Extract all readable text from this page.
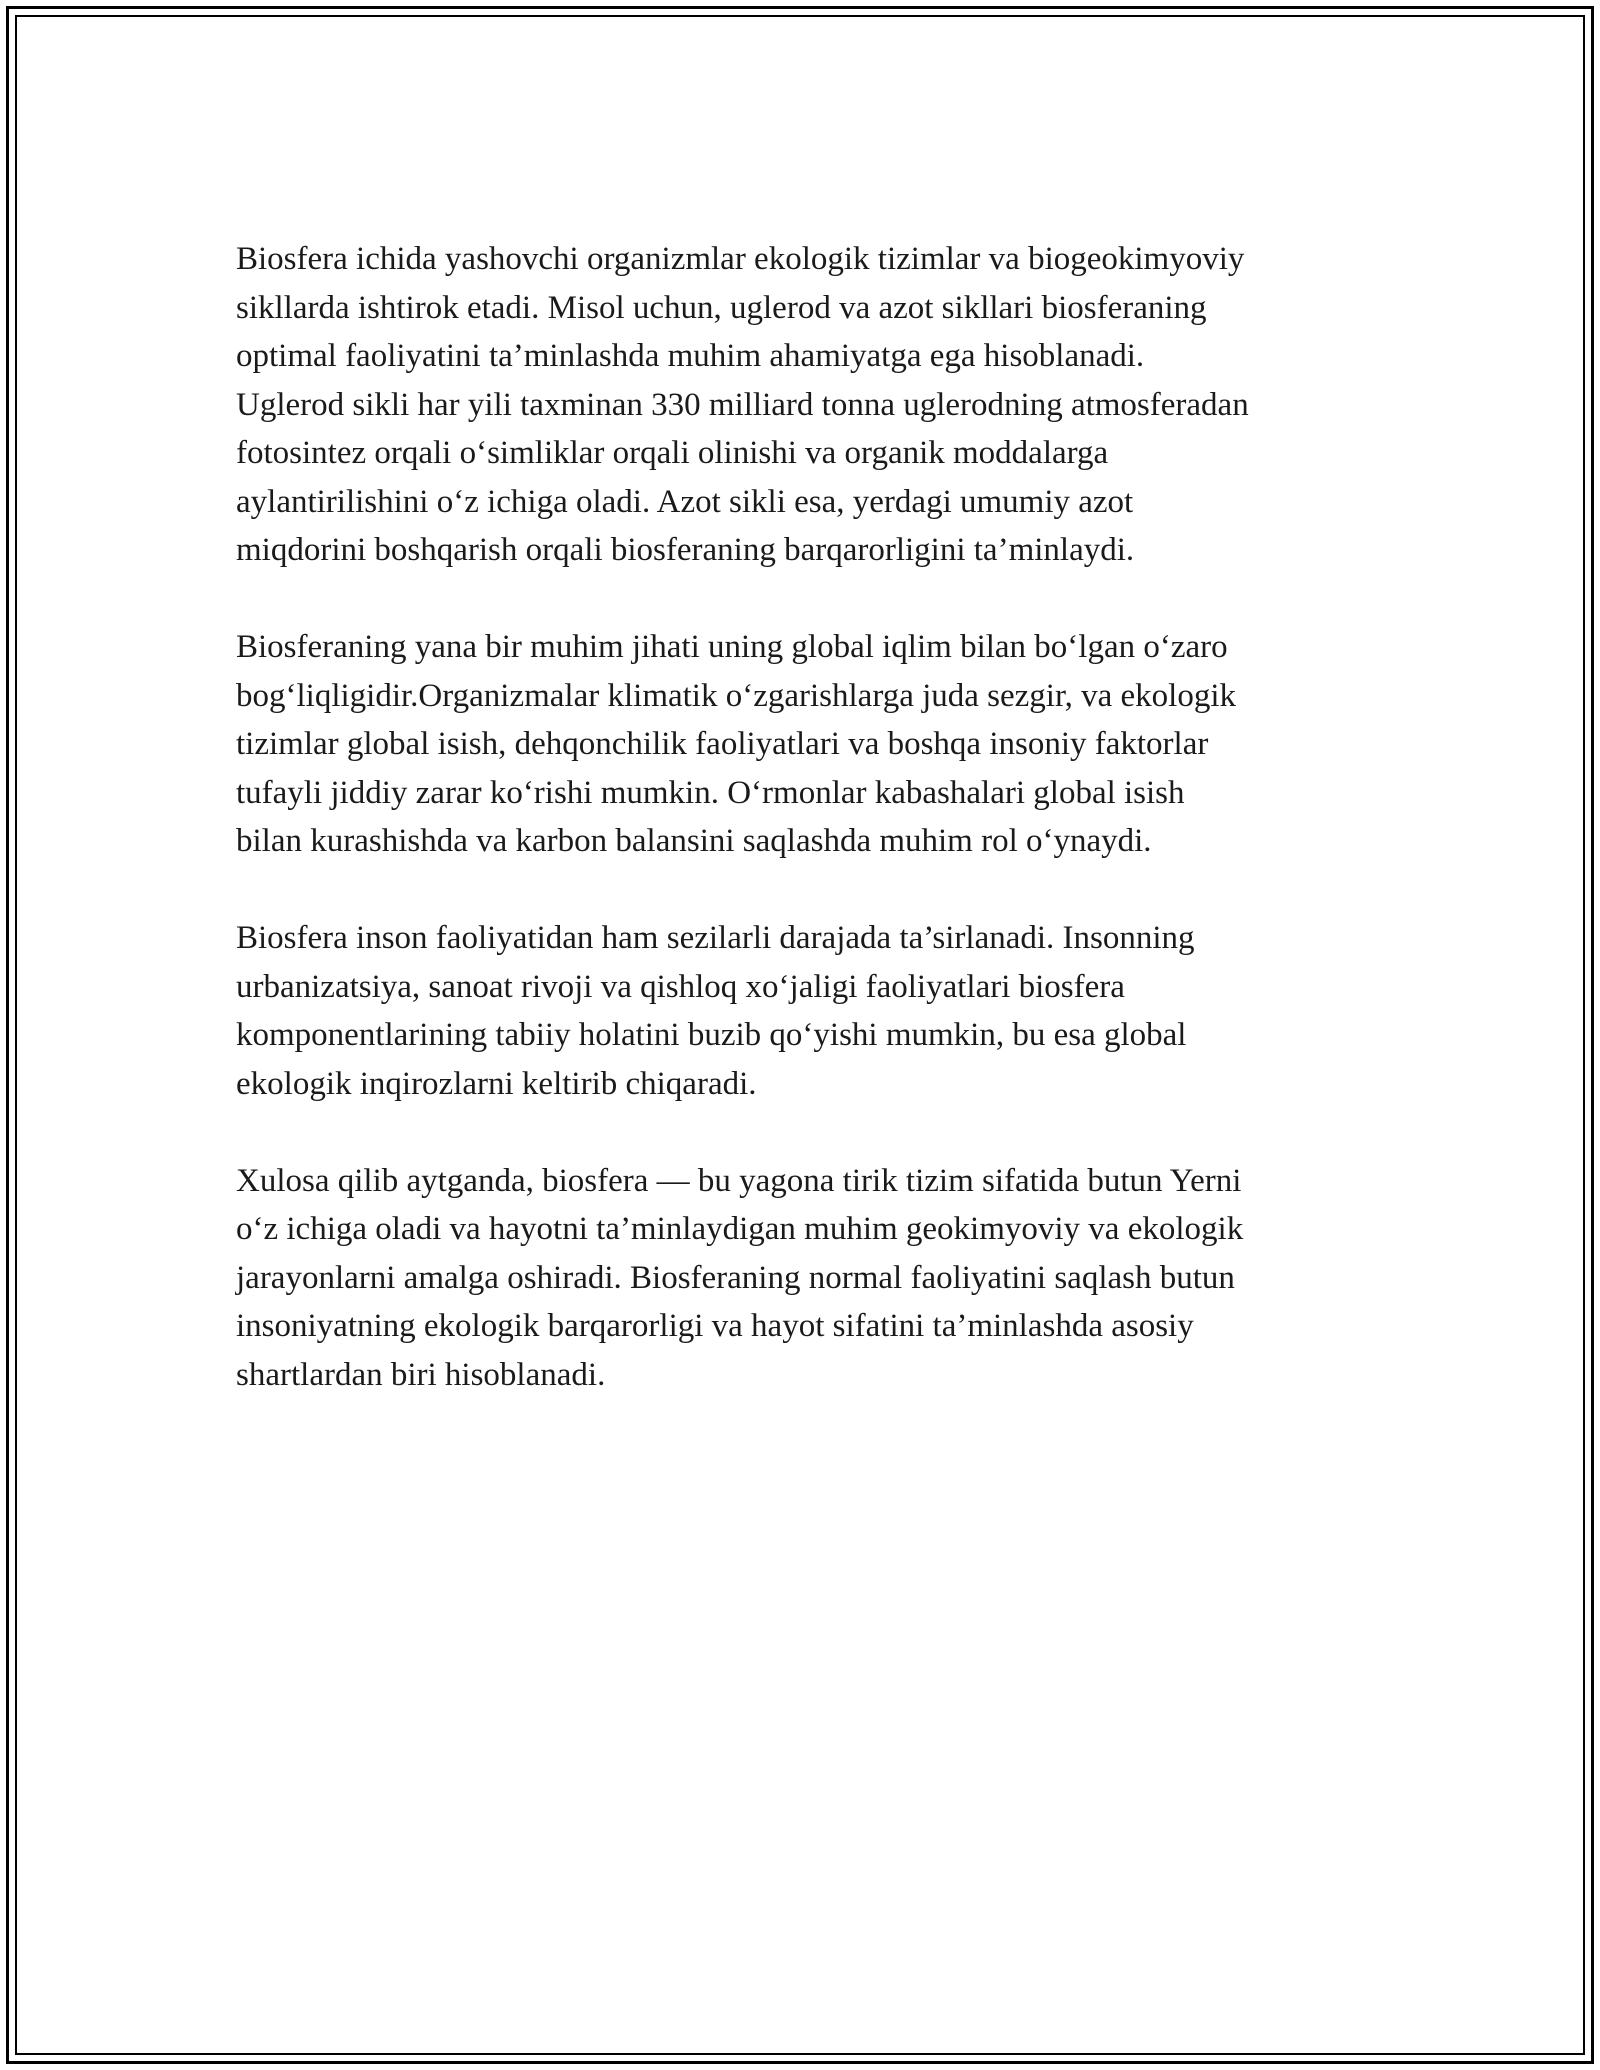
Biosfera ichida yashovchi organizmlar ekologik tizimlar va biogeokimyoviy
sikllarda ishtirok etadi. Misol uchun, uglerod va azot sikllari biosferaning
optimal faoliyatini ta’minlashda muhim ahamiyatga ega hisoblanadi.
Uglerod sikli har yili taxminan 330 milliard tonna uglerodning atmosferadan
fotosintez orqali o‘simliklar orqali olinishi va organik moddalarga
aylantirilishini o‘z ichiga oladi. Azot sikli esa, yerdagi umumiy azot
miqdorini boshqarish orqali biosferaning barqarorligini ta’minlaydi.

Biosferaning yana bir muhim jihati uning global iqlim bilan bo‘lgan o‘zaro
bog‘liqligidir.Organizmalar klimatik o‘zgarishlarga juda sezgir, va ekologik
tizimlar global isish, dehqonchilik faoliyatlari va boshqa insoniy faktorlar
tufayli jiddiy zarar ko‘rishi mumkin. O‘rmonlar kabashalari global isish
bilan kurashishda va karbon balansini saqlashda muhim rol o‘ynaydi.

Biosfera inson faoliyatidan ham sezilarli darajada ta’sirlanadi. Insonning
urbanizatsiya, sanoat rivoji va qishloq xo‘jaligi faoliyatlari biosfera
komponentlarining tabiiy holatini buzib qo‘yishi mumkin, bu esa global
ekologik inqirozlarni keltirib chiqaradi.

Xulosa qilib aytganda, biosfera — bu yagona tirik tizim sifatida butun Yerni
o‘z ichiga oladi va hayotni ta’minlaydigan muhim geokimyoviy va ekologik
jarayonlarni amalga oshiradi. Biosferaning normal faoliyatini saqlash butun
insoniyatning ekologik barqarorligi va hayot sifatini ta’minlashda asosiy
shartlardan biri hisoblanadi.
